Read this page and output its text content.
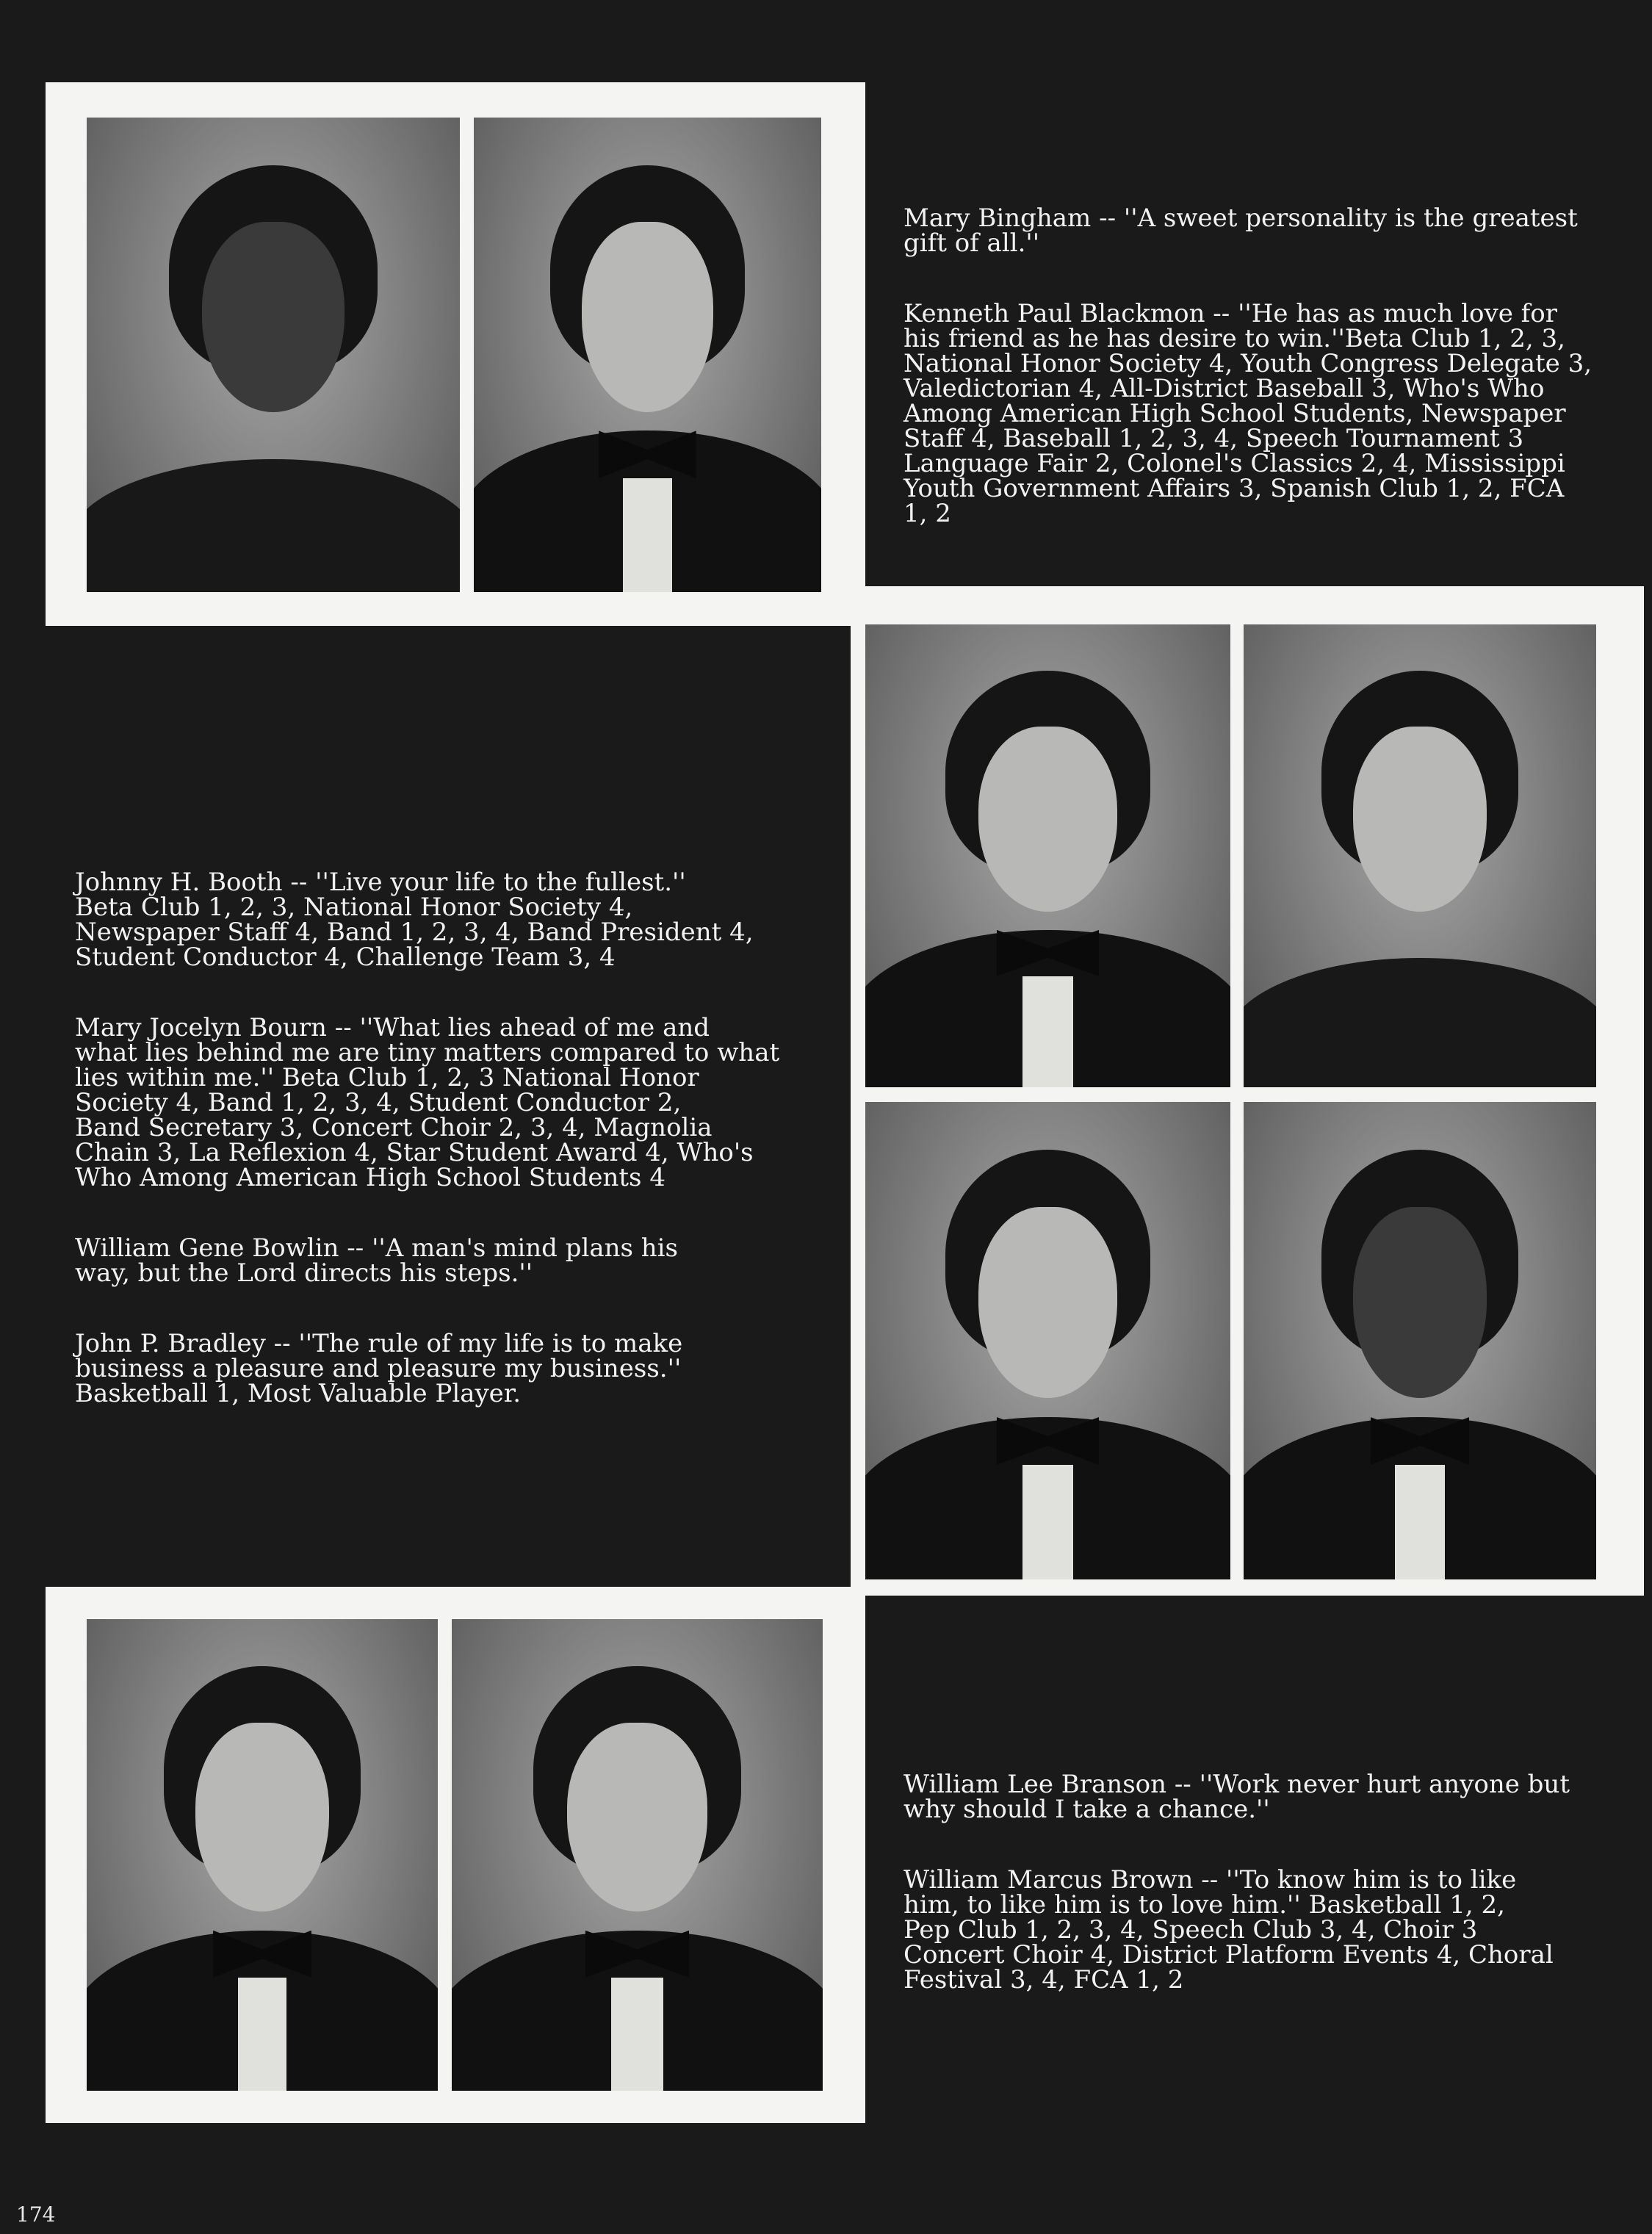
Mary Bingham -- ''A sweet personality is the greatest
gift of all.''

Kenneth Paul Blackmon -- ''He has as much love for
his friend as he has desire to win.''Beta Club 1, 2, 3,
National Honor Society 4, Youth Congress Delegate 3,
Valedictorian 4, All-District Baseball 3, Who's Who
Among American High School Students, Newspaper
Staff 4, Baseball 1, 2, 3, 4, Speech Tournament 3
Language Fair 2, Colonel's Classics 2, 4, Mississippi
Youth Government Affairs 3, Spanish Club 1, 2, FCA
1, 2

Johnny H. Booth -- ''Live your life to the fullest.''
Beta Club 1, 2, 3, National Honor Society 4,
Newspaper Staff 4, Band 1, 2, 3, 4, Band President 4,
Student Conductor 4, Challenge Team 3, 4

Mary Jocelyn Bourn -- ''What lies ahead of me and
what lies behind me are tiny matters compared to what
lies within me.'' Beta Club 1, 2, 3 National Honor
Society 4, Band 1, 2, 3, 4, Student Conductor 2,
Band Secretary 3, Concert Choir 2, 3, 4, Magnolia
Chain 3, La Reflexion 4, Star Student Award 4, Who's
Who Among American High School Students 4

William Gene Bowlin -- ''A man's mind plans his
way, but the Lord directs his steps.''

John P. Bradley -- ''The rule of my life is to make
business a pleasure and pleasure my business.''
Basketball 1, Most Valuable Player.

William Lee Branson -- ''Work never hurt anyone but
why should I take a chance.''

William Marcus Brown -- ''To know him is to like
him, to like him is to love him.'' Basketball 1, 2,
Pep Club 1, 2, 3, 4, Speech Club 3, 4, Choir 3
Concert Choir 4, District Platform Events 4, Choral
Festival 3, 4, FCA 1, 2

174
